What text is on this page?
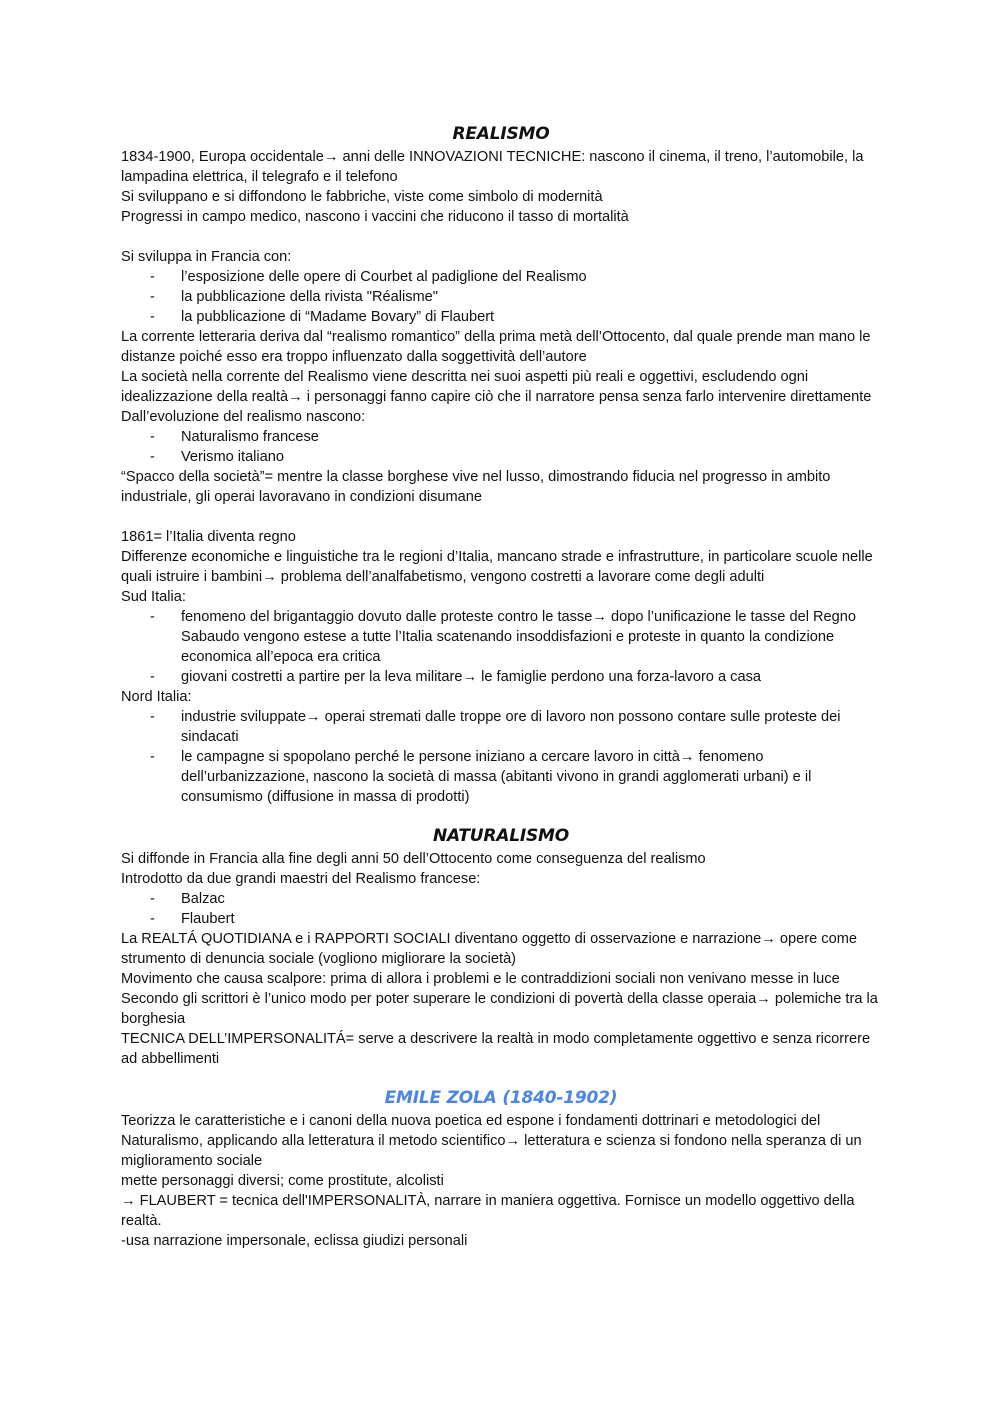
REALISMO

1834-1900, Europa occidentale→ anni delle INNOVAZIONI TECNICHE: nascono il cinema, il treno, l’automobile, la lampadina elettrica, il telegrafo e il telefono

Si sviluppano e si diffondono le fabbriche, viste come simbolo di modernità

Progressi in campo medico, nascono i vaccini che riducono il tasso di mortalità

Si sviluppa in Francia con:

- l’esposizione delle opere di Courbet al padiglione del Realismo
- la pubblicazione della rivista "Réalisme"
- la pubblicazione di “Madame Bovary” di Flaubert

La corrente letteraria deriva dal “realismo romantico” della prima metà dell’Ottocento, dal quale prende man mano le distanze poiché esso era troppo influenzato dalla soggettività dell’autore

La società nella corrente del Realismo viene descritta nei suoi aspetti più reali e oggettivi, escludendo ogni idealizzazione della realtà→ i personaggi fanno capire ciò che il narratore pensa senza farlo intervenire direttamente

Dall’evoluzione del realismo nascono:

- Naturalismo francese
- Verismo italiano

“Spacco della società”= mentre la classe borghese vive nel lusso, dimostrando fiducia nel progresso in ambito industriale, gli operai lavoravano in condizioni disumane

1861= l’Italia diventa regno

Differenze economiche e linguistiche tra le regioni d’Italia, mancano strade e infrastrutture, in particolare scuole nelle quali istruire i bambini→ problema dell’analfabetismo, vengono costretti a lavorare come degli adulti

Sud Italia:

- fenomeno del brigantaggio dovuto dalle proteste contro le tasse→ dopo l’unificazione le tasse del Regno Sabaudo vengono estese a tutte l’Italia scatenando insoddisfazioni e proteste in quanto la condizione economica all’epoca era critica
- giovani costretti a partire per la leva militare→ le famiglie perdono una forza-lavoro a casa

Nord Italia:

- industrie sviluppate→ operai stremati dalle troppe ore di lavoro non possono contare sulle proteste dei sindacati
- le campagne si spopolano perché le persone iniziano a cercare lavoro in città→ fenomeno dell’urbanizzazione, nascono la società di massa (abitanti vivono in grandi agglomerati urbani) e il consumismo (diffusione in massa di prodotti)
NATURALISMO

Si diffonde in Francia alla fine degli anni 50 dell’Ottocento come conseguenza del realismo

Introdotto da due grandi maestri del Realismo francese:

- Balzac
- Flaubert

La REALTÁ QUOTIDIANA e i RAPPORTI SOCIALI diventano oggetto di osservazione e narrazione→ opere come strumento di denuncia sociale (vogliono migliorare la società)

Movimento che causa scalpore: prima di allora i problemi e le contraddizioni sociali non venivano messe in luce

Secondo gli scrittori è l’unico modo per poter superare le condizioni di povertà della classe operaia→ polemiche tra la borghesia

TECNICA DELL’IMPERSONALITÁ= serve a descrivere la realtà in modo completamente oggettivo e senza ricorrere ad abbellimenti

EMILE ZOLA (1840-1902)

Teorizza le caratteristiche e i canoni della nuova poetica ed espone i fondamenti dottrinari e metodologici del Naturalismo, applicando alla letteratura il metodo scientifico→ letteratura e scienza si fondono nella speranza di un miglioramento sociale

mette personaggi diversi; come prostitute, alcolisti

→ FLAUBERT = tecnica dell'IMPERSONALITÀ, narrare in maniera oggettiva. Fornisce un modello oggettivo della realtà.

-usa narrazione impersonale, eclissa giudizi personali
